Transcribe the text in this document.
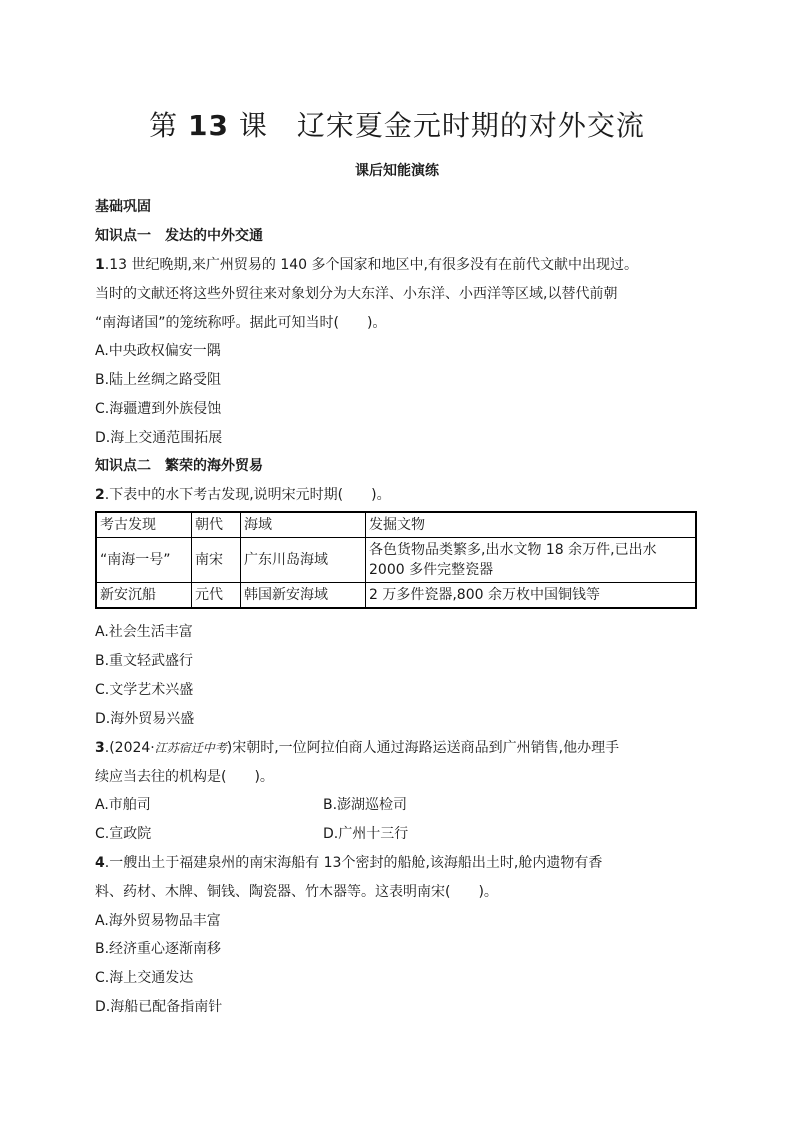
第 13 课　辽宋夏金元时期的对外交流
课后知能演练
基础巩固
知识点一　发达的中外交通
1.13 世纪晚期,来广州贸易的 140 多个国家和地区中,有很多没有在前代文献中出现过。
当时的文献还将这些外贸往来对象划分为大东洋、小东洋、小西洋等区域,以替代前朝
“南海诸国”的笼统称呼。据此可知当时(　　)。
A.中央政权偏安一隅
B.陆上丝绸之路受阻
C.海疆遭到外族侵蚀
D.海上交通范围拓展
知识点二　繁荣的海外贸易
2.下表中的水下考古发现,说明宋元时期(　　)。
考古发现	朝代	海域	发掘文物
“南海一号”	南宋	广东川岛海域	各色货物品类繁多,出水文物 18 余万件,已出水 2000 多件完整瓷器
新安沉船	元代	韩国新安海域	2 万多件瓷器,800 余万枚中国铜钱等
A.社会生活丰富
B.重文轻武盛行
C.文学艺术兴盛
D.海外贸易兴盛
3.(2024·江苏宿迁中考)宋朝时,一位阿拉伯商人通过海路运送商品到广州销售,他办理手
续应当去往的机构是(　　)。
A.市舶司	B.澎湖巡检司
C.宣政院	D.广州十三行
4.一艘出土于福建泉州的南宋海船有 13个密封的船舱,该海船出土时,舱内遗物有香
料、药材、木牌、铜钱、陶瓷器、竹木器等。这表明南宋(　　)。
A.海外贸易物品丰富
B.经济重心逐渐南移
C.海上交通发达
D.海船已配备指南针
